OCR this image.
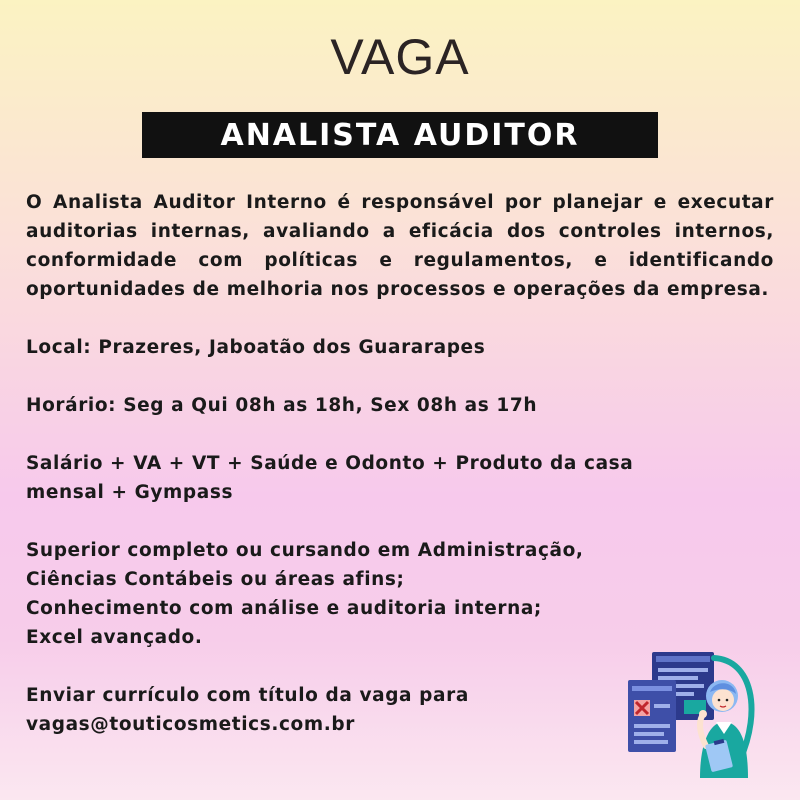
VAGA
ANALISTA AUDITOR

O Analista Auditor Interno é responsável por planejar e executar auditorias internas, avaliando a eficácia dos controles internos, conformidade com políticas e regulamentos, e identificando oportunidades de melhoria nos processos e operações da empresa.

Local: Prazeres, Jaboatão dos Guararapes

Horário: Seg a Qui 08h as 18h, Sex 08h as 17h

Salário + VA + VT + Saúde e Odonto + Produto da casa

mensal + Gympass

Superior completo ou cursando em Administração,

Ciências Contábeis ou áreas afins;

Conhecimento com análise e auditoria interna;

Excel avançado.

Enviar currículo com título da vaga para

vagas@touticosmetics.com.br
